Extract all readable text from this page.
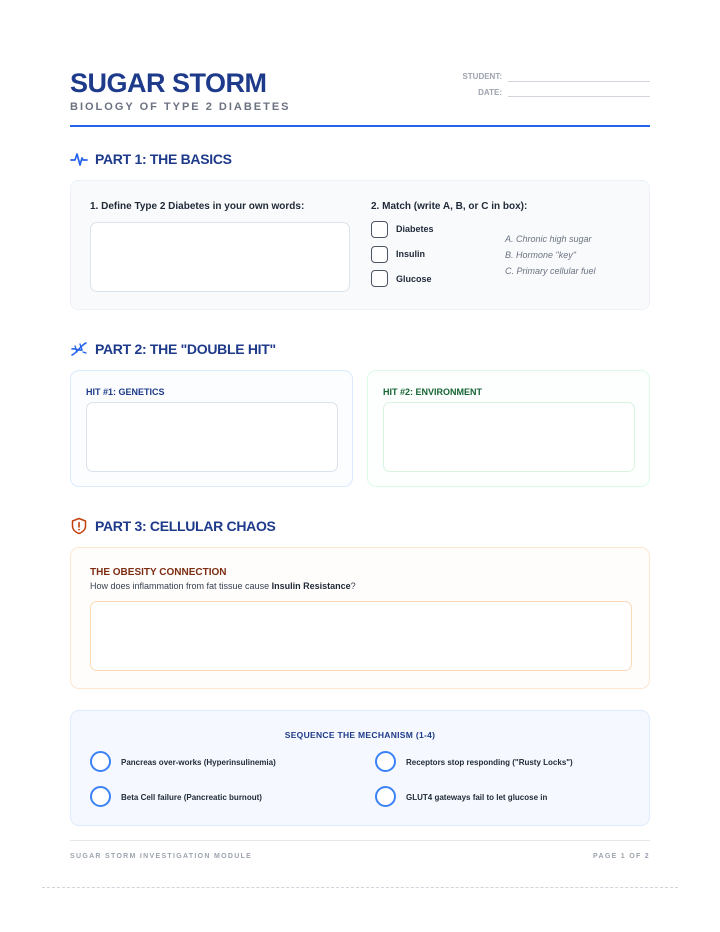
SUGAR STORM
BIOLOGY OF TYPE 2 DIABETES
STUDENT:
DATE:
PART 1: THE BASICS
1. Define Type 2 Diabetes in your own words:	2. Match (write A, B, or C in box):
Diabetes
Insulin
Glucose
A. Chronic high sugar
B. Hormone "key"
C. Primary cellular fuel
PART 2: THE "DOUBLE HIT"
HIT #1: GENETICS	HIT #2: ENVIRONMENT
PART 3: CELLULAR CHAOS
THE OBESITY CONNECTION
How does inflammation from fat tissue cause Insulin Resistance?
SEQUENCE THE MECHANISM (1-4)
Pancreas over-works (Hyperinsulinemia)	Receptors stop responding ("Rusty Locks")
Beta Cell failure (Pancreatic burnout)	GLUT4 gateways fail to let glucose in
SUGAR STORM INVESTIGATION MODULE	PAGE 1 OF 2
